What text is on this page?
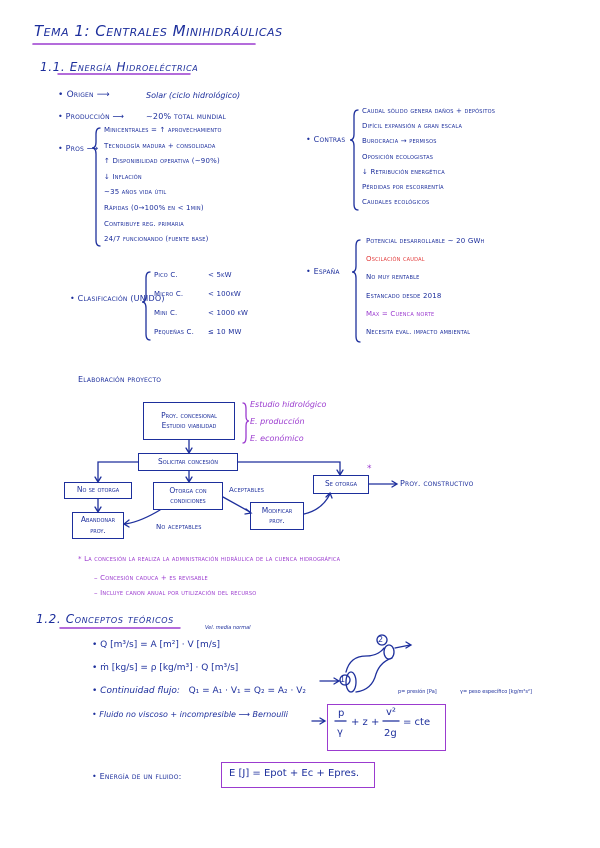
Tema 1: Centrales Minihidráulicas
1.1. Energía Hidroeléctrica
• Origen ⟶	Solar (ciclo hidrológico)
• Producción ⟶	~20% total mundial
• Pros ⟶
Minicentrales = ↑ aprovechamiento
Tecnología madura + consolidada
↑ Disponibilidad operativa (~90%)
↓ Inflación
~35 años vida útil
Rápidas (0→100% en < 1min)
Contribuye reg. primaria
24/7 funcionando (fuente base)
• Contras
Caudal sólido genera daños + depósitos
Difícil expansión a gran escala
Burocracia → permisos
Oposición ecologistas
↓ Retribución energética
Pérdidas por escorrentía
Caudales ecológicos
• España
Potencial desarrollable ~ 20 GWh
Oscilación caudal
No muy rentable
Estancado desde 2018
Max = Cuenca norte
Necesita eval. impacto ambiental
• Clasificación (UNIDO)
Pico C.	< 5kW
Micro C.	< 100kW
Mini C.	< 1000 kW
Pequeñas C. ≤ 10 MW
Elaboración proyecto
Proy. concesional
Estudio viabilidad
Estudio hidrológico
E. producción
E. económico
Solicitar concesión
No se otorga
Abandonar
proy.
Otorga con
condiciones
Modificar
proy.
Se otorga
Aceptables
No aceptables
*
Proy. constructivo
* La concesión la realiza la administración hidráulica de la cuenca hidrográfica
– Concesión caduca + es revisable
– Incluye canon anual por utilización del recurso
1.2. Conceptos teóricos
Vel. media normal
• Q [m³/s] = A [m²] · V [m/s]
• ṁ [kg/s] = ρ [kg/m³] · Q [m³/s]
• Continuidad flujo: Q₁ = A₁ · V₁ = Q₂ = A₂ · V₂
• Fluido no viscoso + incompresible ⟶ Bernoulli	p
γ
+ z +
v²
2g
= cte
p= presión [Pa]	γ= peso específico [kg/m²s²]
1
2
• Energía de un fluido:	E [J] = Epot + Ec + Epres.
